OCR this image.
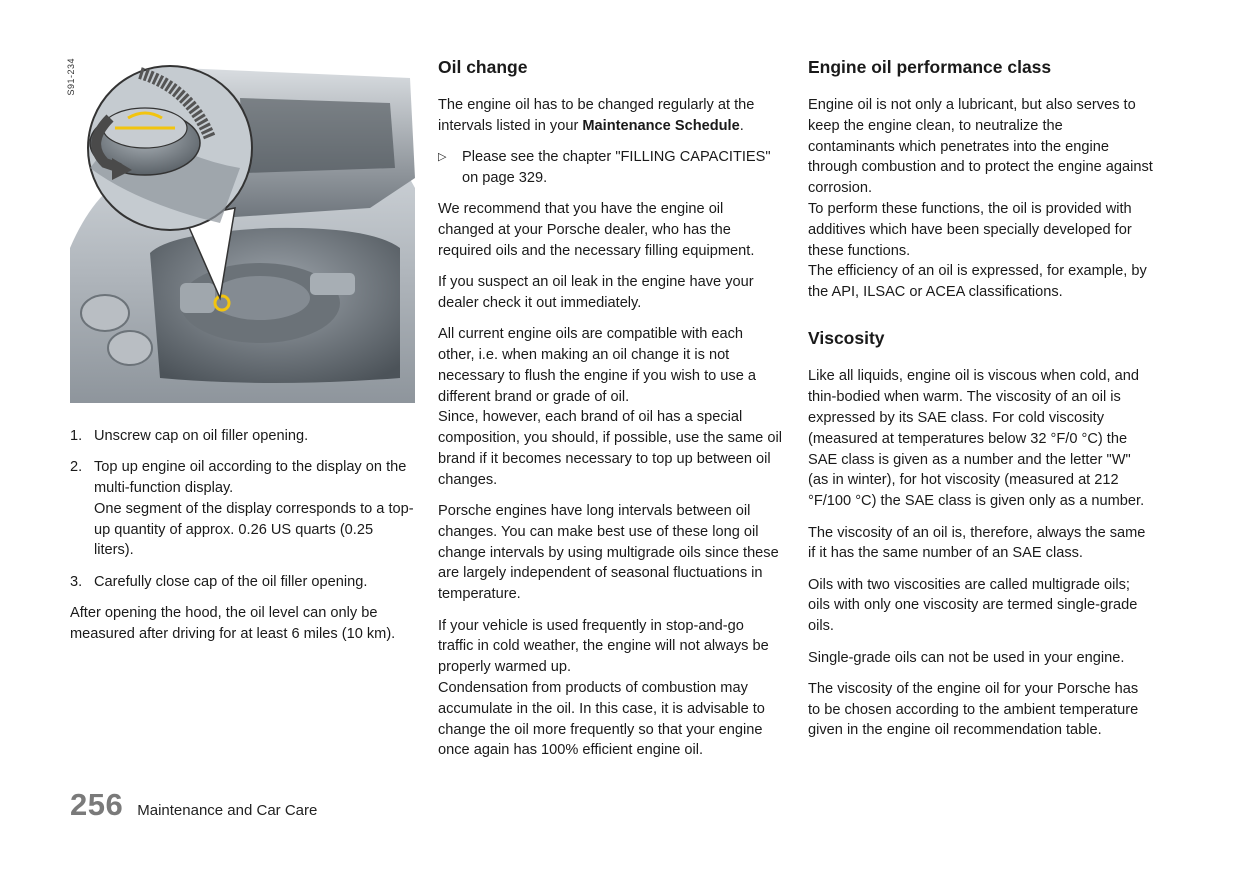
S91-234
1. Unscrew cap on oil filler opening.
2. Top up engine oil according to the display on the multi-function display.
One segment of the display corresponds to a top-up quantity of approx. 0.26 US quarts (0.25 liters).
3. Carefully close cap of the oil filler opening.

After opening the hood, the oil level can only be measured after driving for at least 6 miles (10 km).

Oil change

The engine oil has to be changed regularly at the intervals listed in your Maintenance Schedule.

▷	Please see the chapter "FILLING CAPACITIES" on page 329.

We recommend that you have the engine oil changed at your Porsche dealer, who has the required oils and the necessary filling equipment.

If you suspect an oil leak in the engine have your dealer check it out immediately.

All current engine oils are compatible with each other, i.e. when making an oil change it is not necessary to flush the engine if you wish to use a different brand or grade of oil.
Since, however, each brand of oil has a special composition, you should, if possible, use the same oil brand if it becomes necessary to top up between oil changes.

Porsche engines have long intervals between oil changes. You can make best use of these long oil change intervals by using multigrade oils since these are largely independent of seasonal fluctuations in temperature.

If your vehicle is used frequently in stop-and-go traffic in cold weather, the engine will not always be properly warmed up.
Condensation from products of combustion may accumulate in the oil. In this case, it is advisable to change the oil more frequently so that your engine once again has 100% efficient engine oil.

Engine oil performance class

Engine oil is not only a lubricant, but also serves to keep the engine clean, to neutralize the contaminants which penetrates into the engine through combustion and to protect the engine against corrosion.

To perform these functions, the oil is provided with additives which have been specially developed for these functions.

The efficiency of an oil is expressed, for example, by the API, ILSAC or ACEA classifications.

Viscosity

Like all liquids, engine oil is viscous when cold, and thin-bodied when warm. The viscosity of an oil is expressed by its SAE class. For cold viscosity (measured at temperatures below 32 °F/0 °C) the SAE class is given as a number and the letter "W" (as in winter), for hot viscosity (measured at 212 °F/100 °C) the SAE class is given only as a number.

The viscosity of an oil is, therefore, always the same if it has the same number of an SAE class.

Oils with two viscosities are called multigrade oils; oils with only one viscosity are termed single-grade oils.

Single-grade oils can not be used in your engine.

The viscosity of the engine oil for your Porsche has to be chosen according to the ambient temperature given in the engine oil recommendation table.

256 Maintenance and Car Care
